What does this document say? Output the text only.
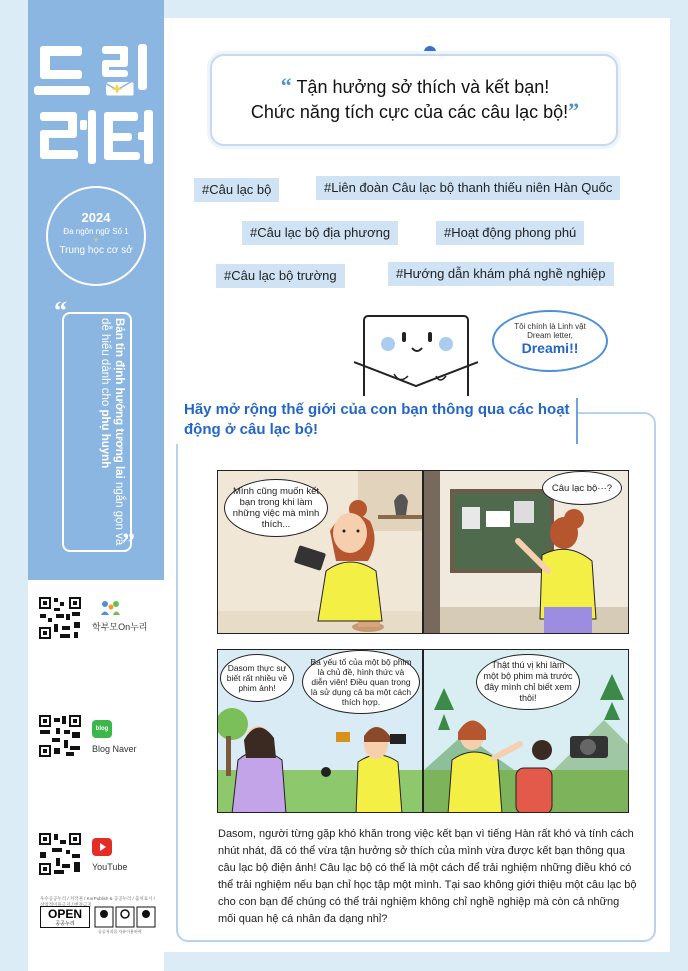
2024
Đa ngôn ngữ Số 1
+
Trung học cơ sở
“
”
Bản tin định hướng tương lai ngắn gọn và dễ hiểu dành cho phụ huynh
학부모On누리
blog
Blog Naver
YouTube
우수공공누리 / 저작권 / KorPublish & 공공누리 / 출처표시 / 상업적이용금지 / 변경금지
OPEN
공공누리
공공저작물 자유이용허락
“ Tận hưởng sở thích và kết bạn!
Chức năng tích cực của các câu lạc bộ!”
#Câu lạc bộ	#Liên đoàn Câu lạc bộ thanh thiếu niên Hàn Quốc
#Câu lạc bộ địa phương	#Hoạt động phong phú
#Câu lạc bộ trường	#Hướng dẫn khám phá nghề nghiệp
Tôi chính là Linh vật
Dream letter,
Dreami!!
Hãy mở rộng thế giới của con bạn thông qua các hoạt động ở câu lạc bộ!
Mình cũng muốn kết bạn trong khi làm những việc mà mình thích...
Câu lạc bộ···?
Dasom thực sự biết rất nhiều về phim ảnh!
Ba yếu tố của một bộ phim là chủ đề, hình thức và diễn viên! Điều quan trọng là sử dụng cả ba một cách thích hợp.
Thật thú vị khi làm một bộ phim mà trước đây mình chỉ biết xem thôi!
Dasom, người từng gặp khó khăn trong việc kết bạn vì tiếng Hàn rất khó và tính cách nhút nhát, đã có thể vừa tận hưởng sở thích của mình vừa được kết bạn thông qua câu lạc bộ điện ảnh! Câu lạc bộ có thể là một cách để trải nghiệm những điều khó có thể trải nghiệm nếu bạn chỉ học tập một mình. Tại sao không giới thiệu một câu lạc bộ cho con bạn để chúng có thể trải nghiệm không chỉ nghề nghiệp mà còn cả những mối quan hệ cá nhân đa dạng nhỉ?
